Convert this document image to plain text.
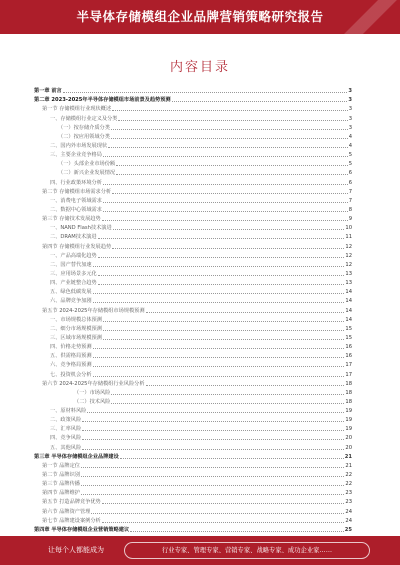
半导体存储模组企业品牌营销策略研究报告
内容目录
第一章 前言	3
第二章 2023-2025年半导体存储模组市场前景及趋势预测	3
第一节 存储模组行业现状概述	3
一、存储模组行业定义及分类	3
（一）按存储介质分类	3
（二）按应用领域分类	4
二、国内外市场发展现状	4
三、主要企业竞争格局	5
（一）头部企业市场份额	5
（二）新兴企业发展情况	6
四、行业政策环境分析	6
第二节 存储模组市场需求分析	7
一、消费电子领域需求	7
二、数据中心领域需求	8
第三节 存储技术发展趋势	9
一、NAND Flash技术演进	10
二、DRAM技术演进	11
第四节 存储模组行业发展趋势	12
一、产品高端化趋势	12
二、国产替代加速	12
三、应用场景多元化	13
四、产业链整合趋势	13
五、绿色低碳发展	14
六、品牌竞争加剧	14
第五节 2024-2025年存储模组市场规模预测	14
一、市场规模总体预测	14
二、细分市场规模预测	15
三、区域市场规模预测	15
四、价格走势预测	16
五、供需格局预测	16
六、竞争格局预测	17
七、投资机会分析	17
第六节 2024-2025年存储模组行业风险分析	18
（一）市场风险	18
（二）技术风险	18
一、原材料风险	19
二、政策风险	19
三、汇率风险	19
四、竞争风险	20
五、其他风险	20
第三章 半导体存储模组企业品牌建设	21
第一节 品牌定位	21
第二节 品牌识别	22
第三节 品牌传播	22
第四节 品牌维护	23
第五节 打造品牌竞争优势	23
第六节 品牌资产管理	24
第七节 品牌建设案例分析	24
第四章 半导体存储模组企业营销策略建议	25
让每个人都能成为	行业专家、管理专家、营销专家、战略专家、成功企业家……
